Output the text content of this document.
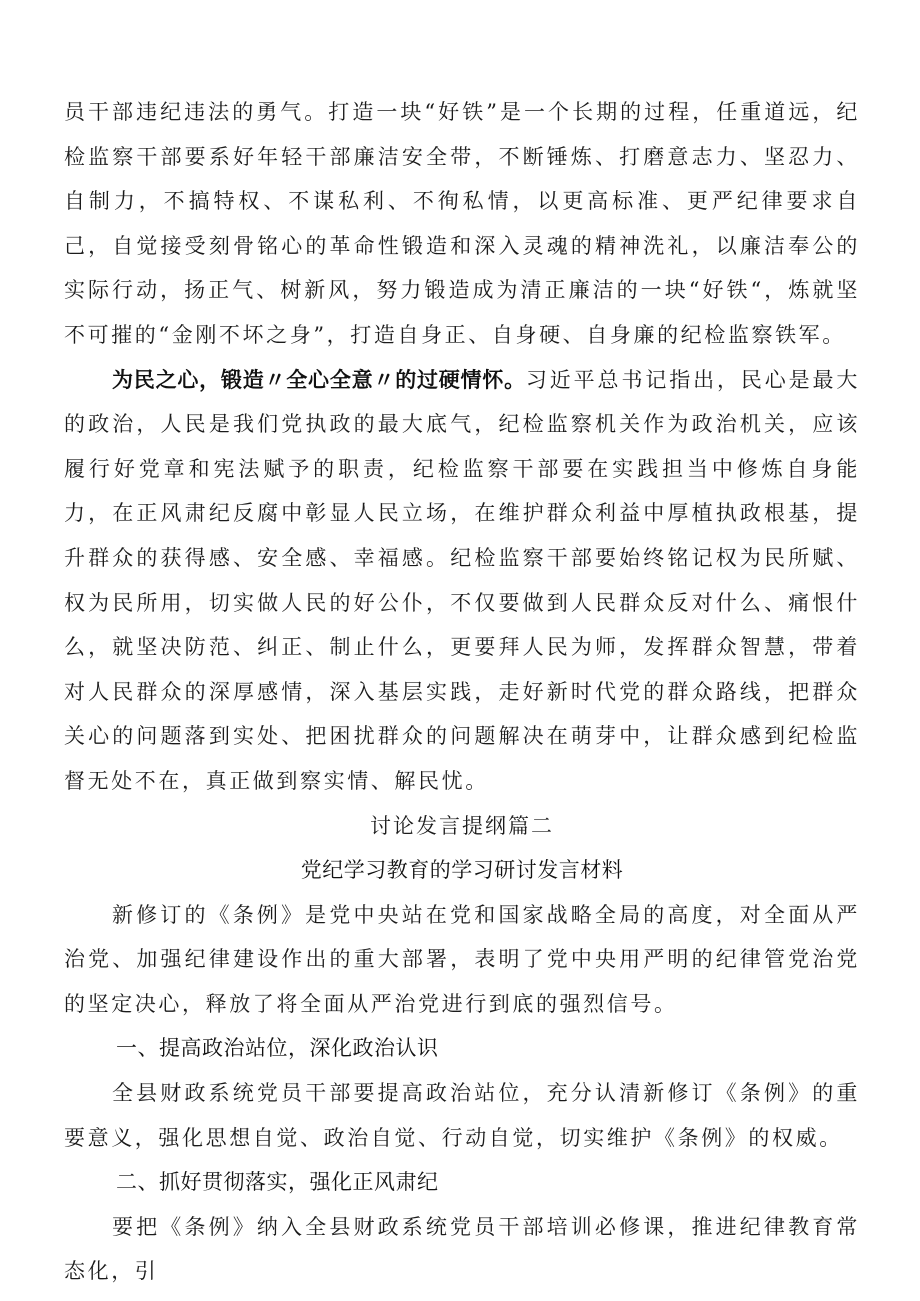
员干部违纪违法的勇气。打造一块“好铁”是一个长期的过程，任重道远，纪检监察干部要系好年轻干部廉洁安全带，不断锤炼、打磨意志力、坚忍力、自制力，不搞特权、不谋私利、不徇私情，以更高标准、更严纪律要求自己，自觉接受刻骨铭心的革命性锻造和深入灵魂的精神洗礼，以廉洁奉公的实际行动，扬正气、树新风，努力锻造成为清正廉洁的一块“好铁“，炼就坚不可摧的“金刚不坏之身”，打造自身正、自身硬、自身廉的纪检监察铁军。

为民之心，锻造〃全心全意〃的过硬情怀。习近平总书记指出，民心是最大的政治，人民是我们党执政的最大底气，纪检监察机关作为政治机关，应该履行好党章和宪法赋予的职责，纪检监察干部要在实践担当中修炼自身能力，在正风肃纪反腐中彰显人民立场，在维护群众利益中厚植执政根基，提升群众的获得感、安全感、幸福感。纪检监察干部要始终铭记权为民所赋、权为民所用，切实做人民的好公仆，不仅要做到人民群众反对什么、痛恨什么，就坚决防范、纠正、制止什么，更要拜人民为师，发挥群众智慧，带着对人民群众的深厚感情，深入基层实践，走好新时代党的群众路线，把群众关心的问题落到实处、把困扰群众的问题解决在萌芽中，让群众感到纪检监督无处不在，真正做到察实情、解民忧。

讨论发言提纲篇二

党纪学习教育的学习研讨发言材料

新修订的《条例》是党中央站在党和国家战略全局的高度，对全面从严治党、加强纪律建设作出的重大部署，表明了党中央用严明的纪律管党治党的坚定决心，释放了将全面从严治党进行到底的强烈信号。

一、提高政治站位，深化政治认识

全县财政系统党员干部要提高政治站位，充分认清新修订《条例》的重要意义，强化思想自觉、政治自觉、行动自觉，切实维护《条例》的权威。

二、抓好贯彻落实，强化正风肃纪

要把《条例》纳入全县财政系统党员干部培训必修课，推进纪律教育常态化，引
